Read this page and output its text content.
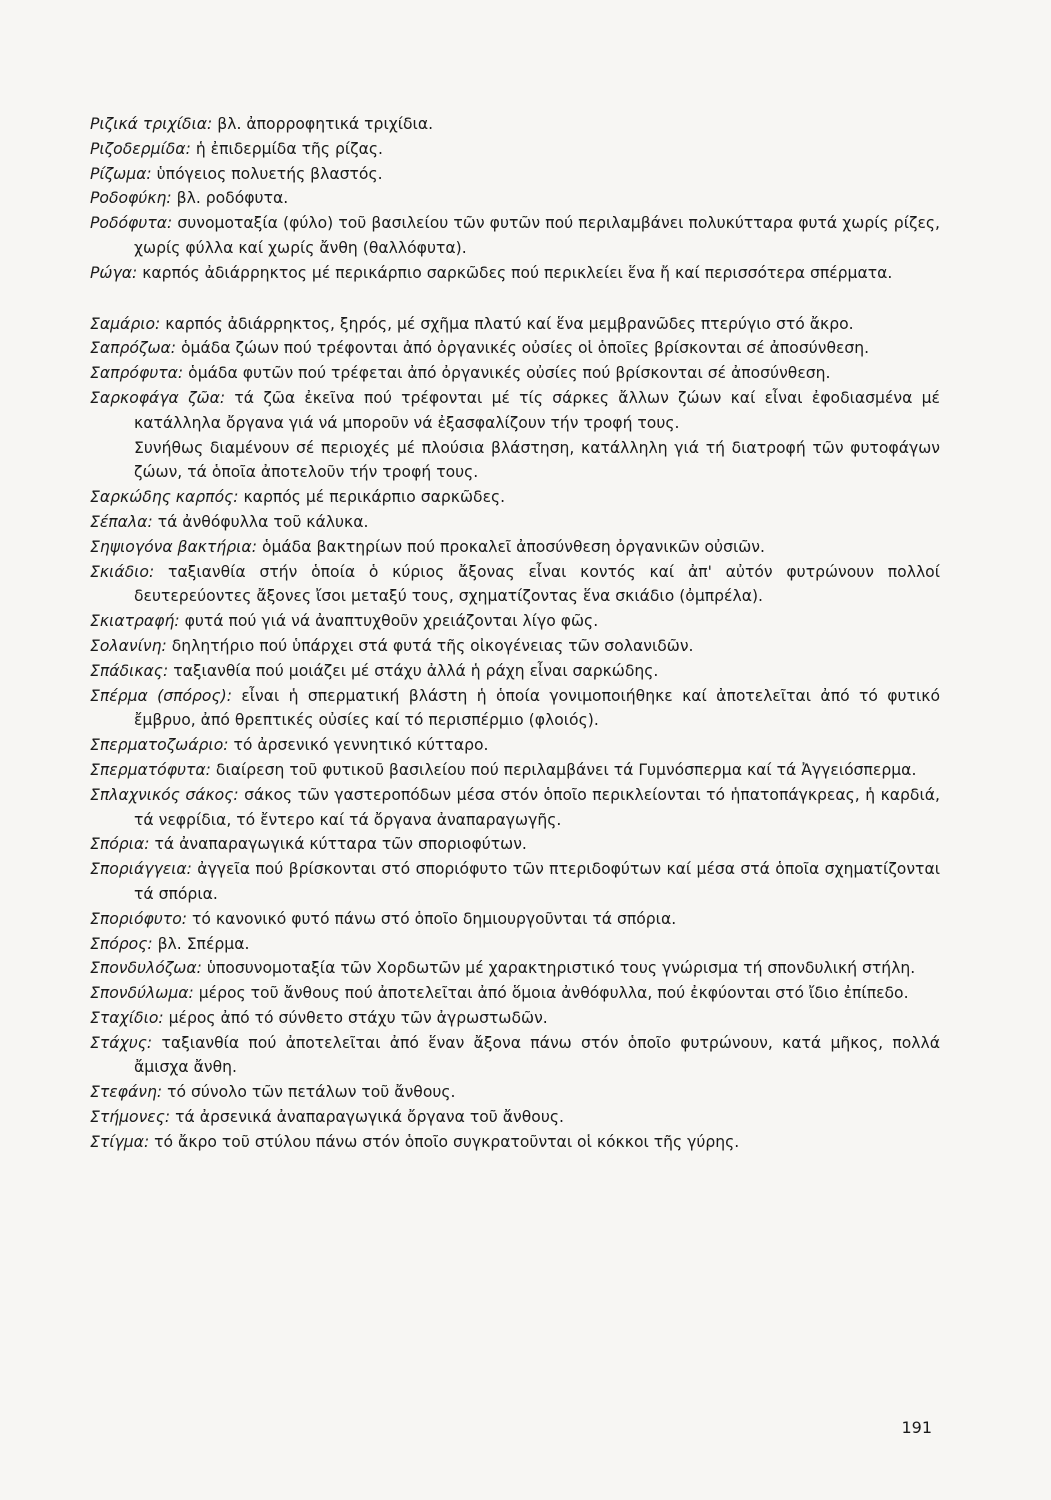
Ριζικά τριχίδια: βλ. ἀπορροφητικά τριχίδια.

Ριζοδερμίδα: ἡ ἐπιδερμίδα τῆς ρίζας.

Ρίζωμα: ὑπόγειος πολυετής βλαστός.

Ροδοφύκη: βλ. ροδόφυτα.

Ροδόφυτα: συνομοταξία (φύλο) τοῦ βασιλείου τῶν φυτῶν πού περιλαμβάνει πολυκύτταρα φυτά χωρίς ρίζες, χωρίς φύλλα καί χωρίς ἄνθη (θαλλόφυτα).

Ρώγα: καρπός ἀδιάρρηκτος μέ περικάρπιο σαρκῶδες πού περικλείει ἕνα ἤ καί περισσότερα σπέρματα.

Σαμάριο: καρπός ἀδιάρρηκτος, ξηρός, μέ σχῆμα πλατύ καί ἕνα μεμβρανῶδες πτερύγιο στό ἄκρο.

Σαπρόζωα: ὁμάδα ζώων πού τρέφονται ἀπό ὀργανικές οὐσίες οἱ ὁποῖες βρίσκονται σέ ἀποσύνθεση.

Σαπρόφυτα: ὁμάδα φυτῶν πού τρέφεται ἀπό ὀργανικές οὐσίες πού βρίσκονται σέ ἀποσύνθεση.

Σαρκοφάγα ζῶα: τά ζῶα ἐκεῖνα πού τρέφονται μέ τίς σάρκες ἄλλων ζώων καί εἶναι ἐφοδιασμένα μέ κατάλληλα ὄργανα γιά νά μποροῦν νά ἐξασφαλίζουν τήν τροφή τους.

Συνήθως διαμένουν σέ περιοχές μέ πλούσια βλάστηση, κατάλληλη γιά τή διατροφή τῶν φυτοφάγων ζώων, τά ὁποῖα ἀποτελοῦν τήν τροφή τους.

Σαρκώδης καρπός: καρπός μέ περικάρπιο σαρκῶδες.

Σέπαλα: τά ἀνθόφυλλα τοῦ κάλυκα.

Σηψιογόνα βακτήρια: ὁμάδα βακτηρίων πού προκαλεῖ ἀποσύνθεση ὀργανικῶν οὐσιῶν.

Σκιάδιο: ταξιανθία στήν ὁποία ὁ κύριος ἄξονας εἶναι κοντός καί ἀπ' αὐτόν φυτρώνουν πολλοί δευτερεύοντες ἄξονες ἴσοι μεταξύ τους, σχηματίζοντας ἕνα σκιάδιο (ὀμπρέλα).

Σκιατραφή: φυτά πού γιά νά ἀναπτυχθοῦν χρειάζονται λίγο φῶς.

Σολανίνη: δηλητήριο πού ὑπάρχει στά φυτά τῆς οἰκογένειας τῶν σολανιδῶν.

Σπάδικας: ταξιανθία πού μοιάζει μέ στάχυ ἀλλά ἡ ράχη εἶναι σαρκώδης.

Σπέρμα (σπόρος): εἶναι ἡ σπερματική βλάστη ἡ ὁποία γονιμοποιήθηκε καί ἀποτελεῖται ἀπό τό φυτικό ἔμβρυο, ἀπό θρεπτικές οὐσίες καί τό περισπέρμιο (φλοιός).

Σπερματοζωάριο: τό ἀρσενικό γεννητικό κύτταρο.

Σπερματόφυτα: διαίρεση τοῦ φυτικοῦ βασιλείου πού περιλαμβάνει τά Γυμνόσπερμα καί τά Ἀγγειόσπερμα.

Σπλαχνικός σάκος: σάκος τῶν γαστεροπόδων μέσα στόν ὁποῖο περικλείονται τό ἡπατοπάγκρεας, ἡ καρδιά, τά νεφρίδια, τό ἔντερο καί τά ὄργανα ἀναπαραγωγῆς.

Σπόρια: τά ἀναπαραγωγικά κύτταρα τῶν σποριοφύτων.

Σποριάγγεια: ἀγγεῖα πού βρίσκονται στό σποριόφυτο τῶν πτεριδοφύτων καί μέσα στά ὁποῖα σχηματίζονται τά σπόρια.

Σποριόφυτο: τό κανονικό φυτό πάνω στό ὁποῖο δημιουργοῦνται τά σπόρια.

Σπόρος: βλ. Σπέρμα.

Σπονδυλόζωα: ὑποσυνομοταξία τῶν Χορδωτῶν μέ χαρακτηριστικό τους γνώρισμα τή σπονδυλική στήλη.

Σπονδύλωμα: μέρος τοῦ ἄνθους πού ἀποτελεῖται ἀπό ὅμοια ἀνθόφυλλα, πού ἐκφύονται στό ἴδιο ἐπίπεδο.

Σταχίδιο: μέρος ἀπό τό σύνθετο στάχυ τῶν ἀγρωστωδῶν.

Στάχυς: ταξιανθία πού ἀποτελεῖται ἀπό ἕναν ἄξονα πάνω στόν ὁποῖο φυτρώνουν, κατά μῆκος, πολλά ἄμισχα ἄνθη.

Στεφάνη: τό σύνολο τῶν πετάλων τοῦ ἄνθους.

Στήμονες: τά ἀρσενικά ἀναπαραγωγικά ὄργανα τοῦ ἄνθους.

Στίγμα: τό ἄκρο τοῦ στύλου πάνω στόν ὁποῖο συγκρατοῦνται οἱ κόκκοι τῆς γύρης.

191
